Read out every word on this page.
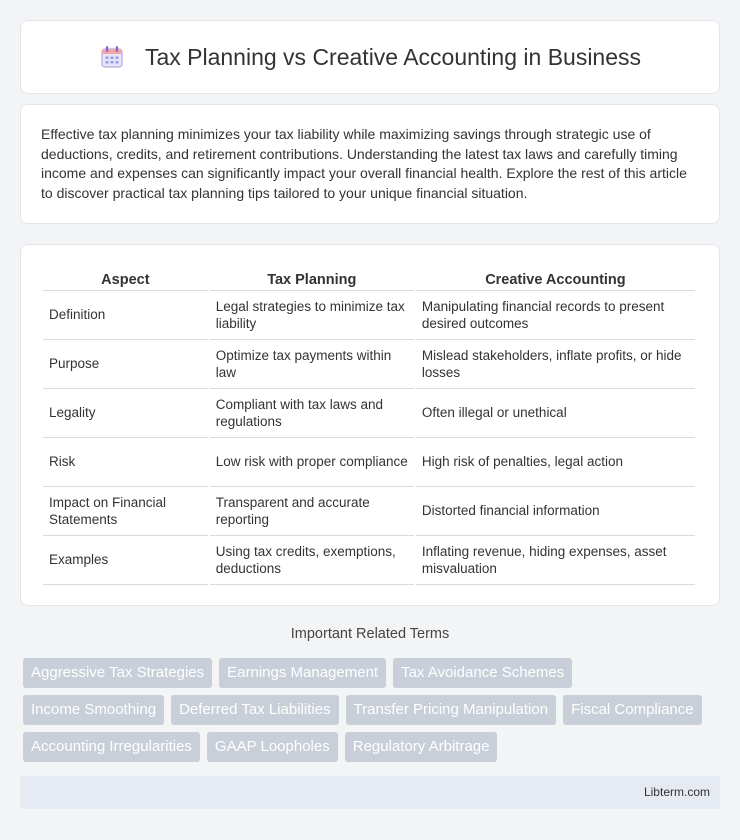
Tax Planning vs Creative Accounting in Business

Effective tax planning minimizes your tax liability while maximizing savings through strategic use of deductions, credits, and retirement contributions. Understanding the latest tax laws and carefully timing income and expenses can significantly impact your overall financial health. Explore the rest of this article to discover practical tax planning tips tailored to your unique financial situation.

Aspect	Tax Planning	Creative Accounting
Definition	Legal strategies to minimize tax liability	Manipulating financial records to present desired outcomes
Purpose	Optimize tax payments within law	Mislead stakeholders, inflate profits, or hide losses
Legality	Compliant with tax laws and regulations	Often illegal or unethical
Risk	Low risk with proper compliance	High risk of penalties, legal action
Impact on Financial Statements	Transparent and accurate reporting	Distorted financial information
Examples	Using tax credits, exemptions, deductions	Inflating revenue, hiding expenses, asset misvaluation
Important Related Terms
Aggressive Tax Strategies	Earnings Management	Tax Avoidance Schemes
Income Smoothing	Deferred Tax Liabilities	Transfer Pricing Manipulation	Fiscal Compliance
Accounting Irregularities	GAAP Loopholes	Regulatory Arbitrage
Libterm.com
